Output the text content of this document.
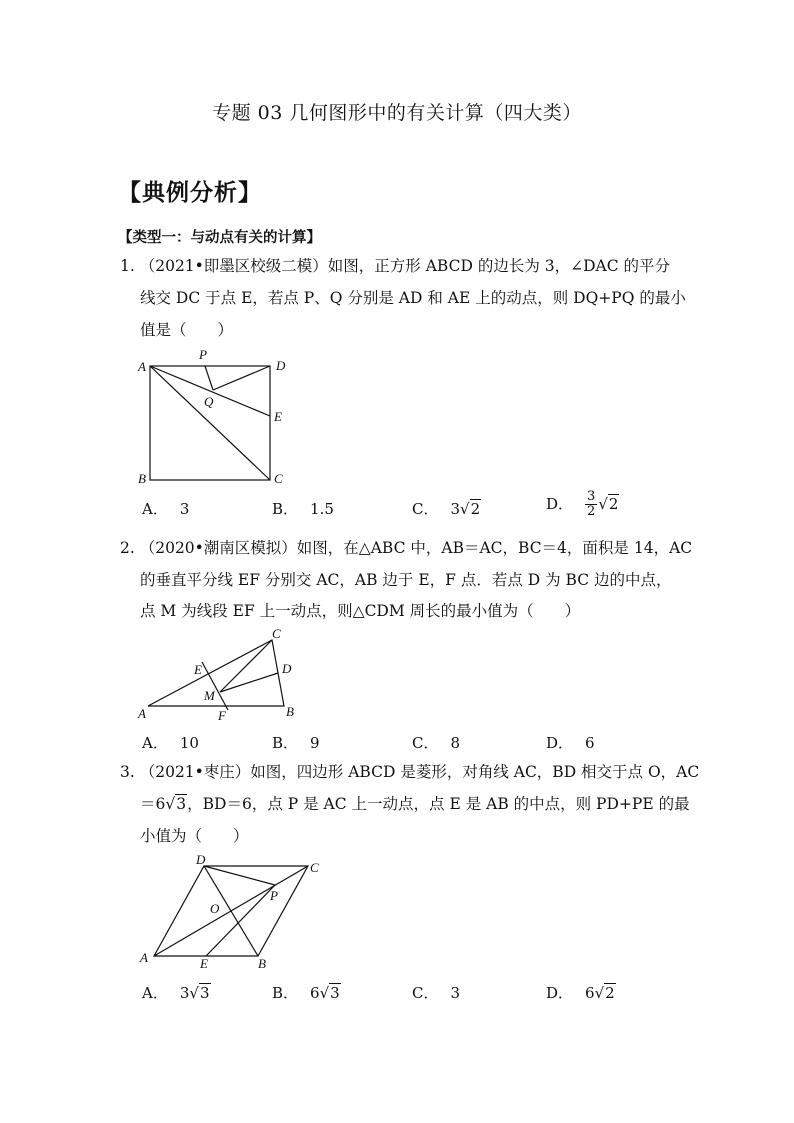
专题 03 几何图形中的有关计算（四大类）
【典例分析】
【类型一：与动点有关的计算】
1. （2021•即墨区校级二模）如图，正方形 ABCD 的边长为 3，∠DAC 的平分
线交 DC 于点 E，若点 P、Q 分别是 AD 和 AE 上的动点，则 DQ+PQ 的最小
值是（　　）
A
B	C
D
P
Q
E
A． 3	B． 1.5	C． 3√2	D． $\frac{3}{2} √2$
2. （2020•潮南区模拟）如图，在△ABC 中，AB＝AC，BC＝4，面积是 14，AC
的垂直平分线 EF 分别交 AC，AB 边于 E，F 点．若点 D 为 BC 边的中点，
点 M 为线段 EF 上一动点，则△CDM 周长的最小值为（　　）
A	B
C
D
E
F
M
A． 10	B． 9	C． 8	D． 6
3. （2021•枣庄）如图，四边形 ABCD 是菱形，对角线 AC，BD 相交于点 O，AC
＝6√3，BD＝6，点 P 是 AC 上一动点，点 E 是 AB 的中点，则 PD+PE 的最
小值为（　　）
A	B
C
D
E
O
P
A． 3√3	B． 6√3	C． 3	D． 6√2
